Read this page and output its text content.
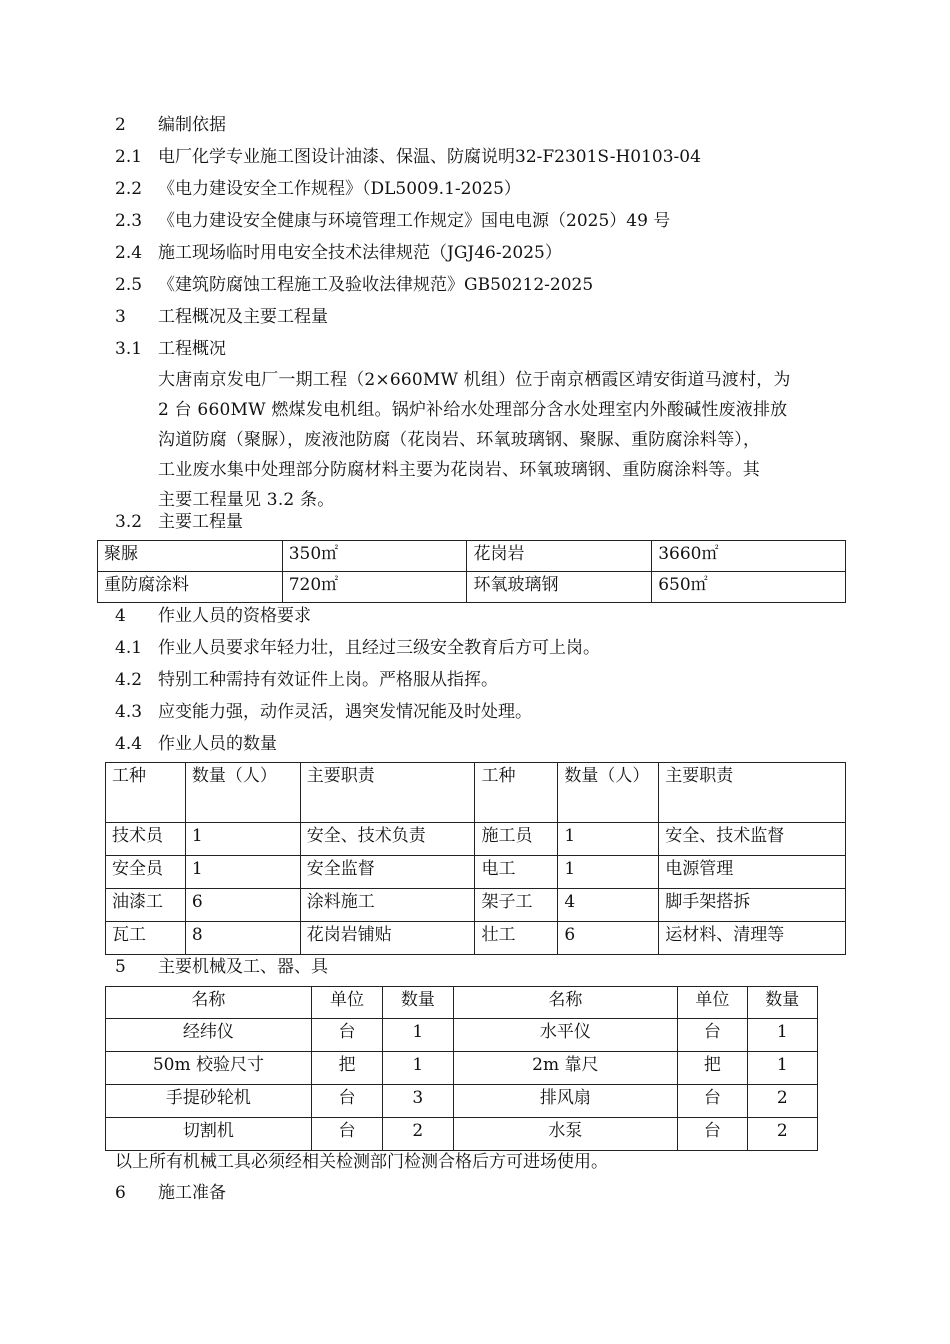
2 编制依据
2.1 电厂化学专业施工图设计油漆、保温、防腐说明32-F2301S-H0103-04
2.2 《电力建设安全工作规程》（DL5009.1-2025）
2.3 《电力建设安全健康与环境管理工作规定》国电电源（2025）49 号
2.4 施工现场临时用电安全技术法律规范（JGJ46-2025）
2.5 《建筑防腐蚀工程施工及验收法律规范》GB50212-2025
3 工程概况及主要工程量
3.1 工程概况
大唐南京发电厂一期工程（2×660MW 机组）位于南京栖霞区靖安街道马渡村，为
2 台 660MW 燃煤发电机组。锅炉补给水处理部分含水处理室内外酸碱性废液排放
沟道防腐（聚脲），废液池防腐（花岗岩、环氧玻璃钢、聚脲、重防腐涂料等），
工业废水集中处理部分防腐材料主要为花岗岩、环氧玻璃钢、重防腐涂料等。其
主要工程量见 3.2 条。
3.2 主要工程量
聚脲	350㎡	花岗岩	3660㎡
重防腐涂料	720㎡	环氧玻璃钢	650㎡
4 作业人员的资格要求
4.1 作业人员要求年轻力壮，且经过三级安全教育后方可上岗。
4.2 特别工种需持有效证件上岗。严格服从指挥。
4.3 应变能力强，动作灵活，遇突发情况能及时处理。
4.4 作业人员的数量
工种	数量（人）	主要职责	工种	数量（人）	主要职责
技术员	1	安全、技术负责	施工员	1	安全、技术监督
安全员	1	安全监督	电工	1	电源管理
油漆工	6	涂料施工	架子工	4	脚手架搭拆
瓦工	8	花岗岩铺贴	壮工	6	运材料、清理等
5 主要机械及工、器、具
名称	单位	数量	名称	单位	数量
经纬仪	台	1	水平仪	台	1
50m 校验尺寸	把	1	2m 靠尺	把	1
手提砂轮机	台	3	排风扇	台	2
切割机	台	2	水泵	台	2
以上所有机械工具必须经相关检测部门检测合格后方可进场使用。
6 施工准备
